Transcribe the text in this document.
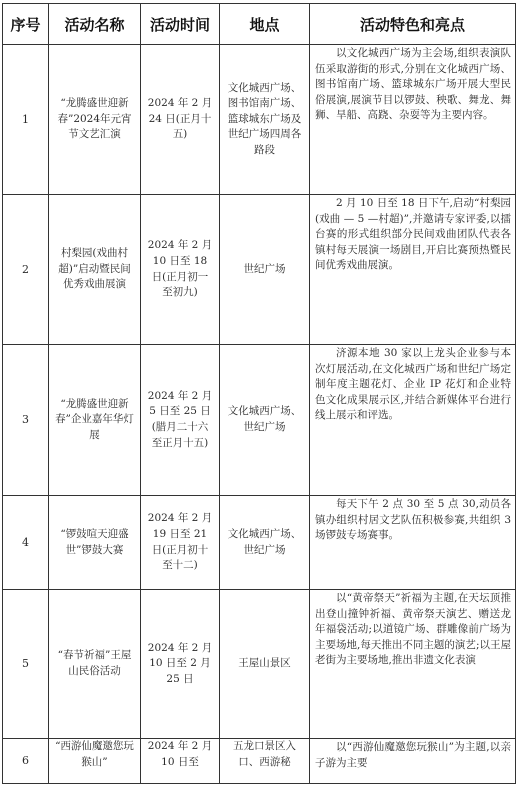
序号	活动名称	活动时间	地点	活动特色和亮点
1	“龙腾盛世迎新春”2024年元宵节文艺汇演	2024 年 2 月 24 日(正月十五)	文化城西广场、图书馆南广场、篮球城东广场及世纪广场四周各路段	以文化城西广场为主会场,组织表演队伍采取游街的形式,分别在文化城西广场、图书馆南广场、篮球城东广场开展大型民俗展演,展演节目以锣鼓、秧歌、舞龙、舞狮、旱船、高跷、杂耍等为主要内容。

2	村梨园(戏曲村超)”启动暨民间优秀戏曲展演	2024 年 2 月 10 日至 18 日(正月初一至初九)	世纪广场	2 月 10 日至 18 日下午,启动“村梨园(戏曲 — 5 —村超)”,并邀请专家评委,以擂台赛的形式组织部分民间戏曲团队代表各镇村每天展演一场剧目,开启比赛预热暨民间优秀戏曲展演。

3	“龙腾盛世迎新春”企业嘉年华灯展	2024 年 2 月 5 日至 25 日(腊月二十六至正月十五)	文化城西广场、世纪广场	济源本地 30 家以上龙头企业参与本次灯展活动,在文化城西广场和世纪广场定制年度主题花灯、企业 IP 花灯和企业特色文化成果展示区,并结合新媒体平台进行线上展示和评选。

4	“锣鼓喧天迎盛世”锣鼓大赛	2024 年 2 月 19 日至 21 日(正月初十至十二)	文化城西广场、世纪广场	每天下午 2 点 30 至 5 点 30,动员各镇办组织村居文艺队伍积极参赛,共组织 3 场锣鼓专场赛事。

5	“春节祈福”王屋山民俗活动	2024 年 2 月 10 日至 2 月 25 日	王屋山景区	以“黄帝祭天”祈福为主题,在天坛顶推出登山撞钟祈福、黄帝祭天演艺、赠送龙年福袋活动;以道镜广场、群雕像前广场为主要场地,每天推出不同主题的演艺;以王屋老街为主要场地,推出非遗文化表演

6	“西游仙魔邀您玩猴山”	2024 年 2 月 10 日至	五龙口景区入口、西游秘	以“西游仙魔邀您玩猴山”为主题,以亲子游为主要
